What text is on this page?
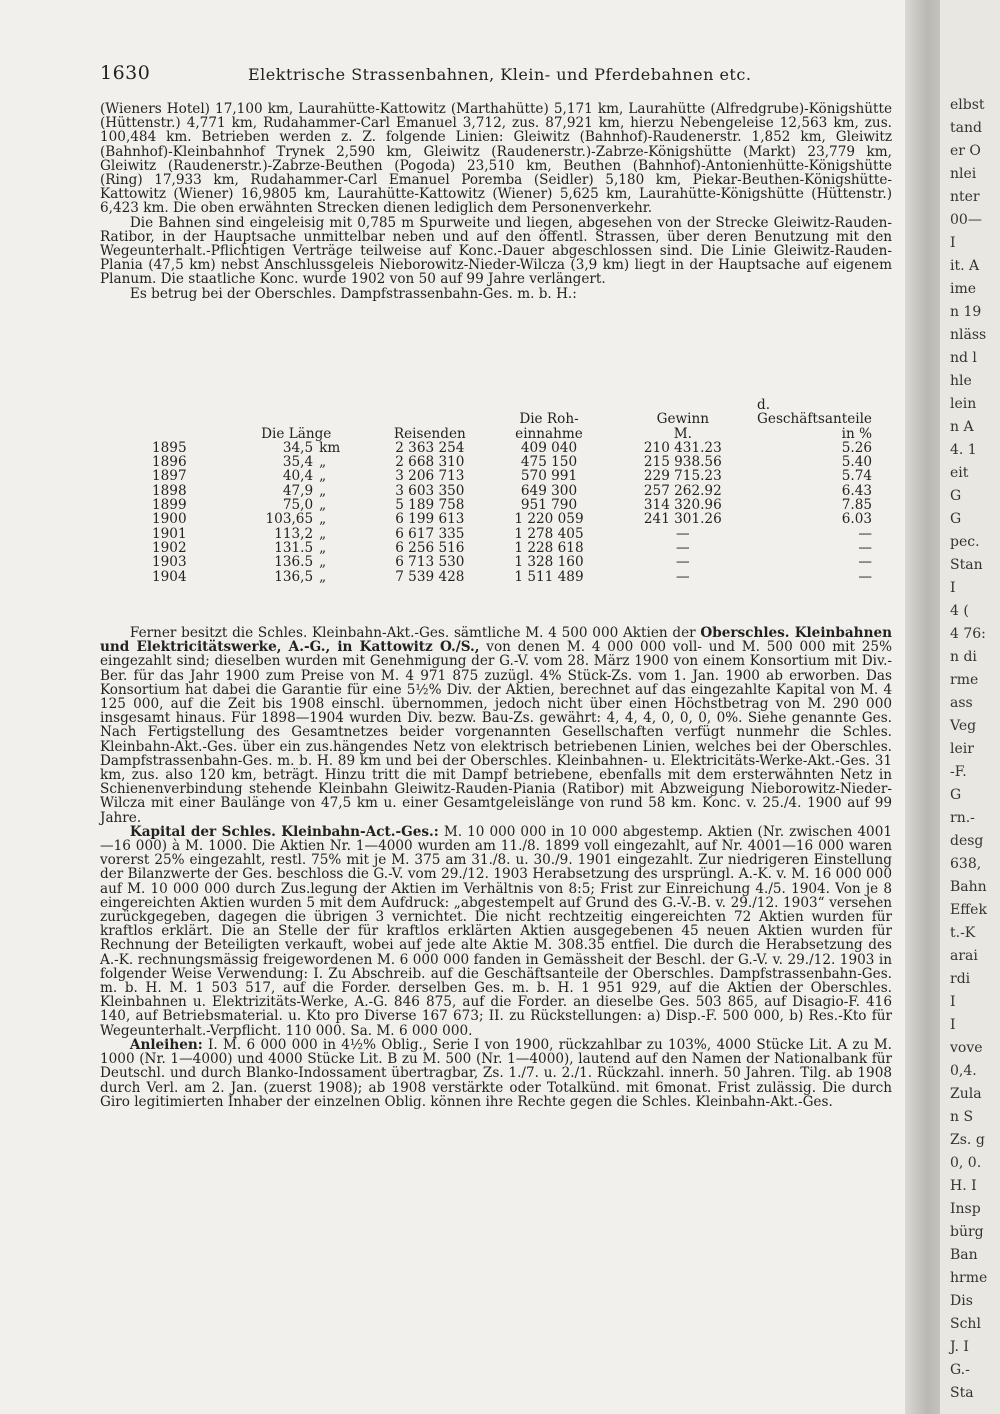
elbst
tand
er O
nlei
nter
00—
I
it. A
ime
n 19
nläss
nd l
hle
lein
n A
4. 1
eit
G
G
pec.
Stan
I
4 (
4 76:
n di
rme
ass
Veg
leir
-F.
G
rn.-
desg
638,
Bahn
Effek
t.-K
arai
rdi
I
I
vove
0,4.
Zula
n S
Zs. g
0, 0.
H. I
Insp
bürg
Ban
hrme
Dis
Schl
J. I
G.-
Sta
1630	Elektrische Strassenbahnen, Klein- und Pferdebahnen etc.

(Wieners Hotel) 17,100 km, Laurahütte-Kattowitz (Marthahütte) 5,171 km, Laurahütte (Alfredgrube)-Königshütte (Hüttenstr.) 4,771 km, Rudahammer-Carl Emanuel 3,712, zus. 87,921 km, hierzu Nebengeleise 12,563 km, zus. 100,484 km. Betrieben werden z. Z. folgende Linien: Gleiwitz (Bahnhof)-Raudenerstr. 1,852 km, Gleiwitz (Bahnhof)-Kleinbahnhof Trynek 2,590 km, Gleiwitz (Raudenerstr.)-Zabrze-Königshütte (Markt) 23,779 km, Gleiwitz (Raudenerstr.)-Zabrze-Beuthen (Pogoda) 23,510 km, Beuthen (Bahnhof)-Antonienhütte-Königshütte (Ring) 17,933 km, Rudahammer-Carl Emanuel Poremba (Seidler) 5,180 km, Piekar-Beuthen-Königshütte-Kattowitz (Wiener) 16,9805 km, Laurahütte-Kattowitz (Wiener) 5,625 km, Laurahütte-Königshütte (Hüttenstr.) 6,423 km. Die oben erwähnten Strecken dienen lediglich dem Personenverkehr.

Die Bahnen sind eingeleisig mit 0,785 m Spurweite und liegen, abgesehen von der Strecke Gleiwitz-Rauden-Ratibor, in der Hauptsache unmittelbar neben und auf den öffentl. Strassen, über deren Benutzung mit den Wegeunterhalt.-Pflichtigen Verträge teilweise auf Konc.-Dauer abgeschlossen sind. Die Linie Gleiwitz-Rauden-Plania (47,5 km) nebst Anschlussgeleis Nieborowitz-Nieder-Wilcza (3,9 km) liegt in der Hauptsache auf eigenem Planum. Die staatliche Konc. wurde 1902 von 50 auf 99 Jahre verlängert.

Es betrug bei der Oberschles. Dampfstrassenbahn-Ges. m. b. H.:

			Die Roh-	Gewinn	d. Geschäftsanteile
	Die Länge	Reisenden	einnahme	M.	in %
1895	34,5 km	2 363 254	409 040	210 431.23	5.26
1896	35,4 „	2 668 310	475 150	215 938.56	5.40
1897	40,4 „	3 206 713	570 991	229 715.23	5.74
1898	47,9 „	3 603 350	649 300	257 262.92	6.43
1899	75,0 „	5 189 758	951 790	314 320.96	7.85
1900	103,65 „	6 199 613	1 220 059	241 301.26	6.03
1901	113,2 „	6 617 335	1 278 405	—	—
1902	131.5 „	6 256 516	1 228 618	—	—
1903	136.5 „	6 713 530	1 328 160	—	—
1904	136,5 „	7 539 428	1 511 489	—	—

Ferner besitzt die Schles. Kleinbahn-Akt.-Ges. sämtliche M. 4 500 000 Aktien der Oberschles. Kleinbahnen und Elektricitätswerke, A.-G., in Kattowitz O./S., von denen M. 4 000 000 voll- und M. 500 000 mit 25% eingezahlt sind; dieselben wurden mit Genehmigung der G.-V. vom 28. März 1900 von einem Konsortium mit Div.-Ber. für das Jahr 1900 zum Preise von M. 4 971 875 zuzügl. 4% Stück-Zs. vom 1. Jan. 1900 ab erworben. Das Konsortium hat dabei die Garantie für eine 5½% Div. der Aktien, berechnet auf das eingezahlte Kapital von M. 4 125 000, auf die Zeit bis 1908 einschl. übernommen, jedoch nicht über einen Höchstbetrag von M. 290 000 insgesamt hinaus. Für 1898—1904 wurden Div. bezw. Bau-Zs. gewährt: 4, 4, 4, 0, 0, 0, 0%. Siehe genannte Ges. Nach Fertigstellung des Gesamtnetzes beider vorgenannten Gesellschaften verfügt nunmehr die Schles. Kleinbahn-Akt.-Ges. über ein zus.hängendes Netz von elektrisch betriebenen Linien, welches bei der Oberschles. Dampfstrassenbahn-Ges. m. b. H. 89 km und bei der Oberschles. Kleinbahnen- u. Elektricitäts-Werke-Akt.-Ges. 31 km, zus. also 120 km, beträgt. Hinzu tritt die mit Dampf betriebene, ebenfalls mit dem ersterwähnten Netz in Schienenverbindung stehende Kleinbahn Gleiwitz-Rauden-Piania (Ratibor) mit Abzweigung Nieborowitz-Nieder-Wilcza mit einer Baulänge von 47,5 km u. einer Gesamtgeleislänge von rund 58 km. Konc. v. 25./4. 1900 auf 99 Jahre.

Kapital der Schles. Kleinbahn-Act.-Ges.: M. 10 000 000 in 10 000 abgestemp. Aktien (Nr. zwischen 4001—16 000) à M. 1000. Die Aktien Nr. 1—4000 wurden am 11./8. 1899 voll eingezahlt, auf Nr. 4001—16 000 waren vorerst 25% eingezahlt, restl. 75% mit je M. 375 am 31./8. u. 30./9. 1901 eingezahlt. Zur niedrigeren Einstellung der Bilanzwerte der Ges. beschloss die G.-V. vom 29./12. 1903 Herabsetzung des ursprüngl. A.-K. v. M. 16 000 000 auf M. 10 000 000 durch Zus.legung der Aktien im Verhältnis von 8:5; Frist zur Einreichung 4./5. 1904. Von je 8 eingereichten Aktien wurden 5 mit dem Aufdruck: „abgestempelt auf Grund des G.-V.-B. v. 29./12. 1903“ versehen zurückgegeben, dagegen die übrigen 3 vernichtet. Die nicht rechtzeitig eingereichten 72 Aktien wurden für kraftlos erklärt. Die an Stelle der für kraftlos erklärten Aktien ausgegebenen 45 neuen Aktien wurden für Rechnung der Beteiligten verkauft, wobei auf jede alte Aktie M. 308.35 entfiel. Die durch die Herabsetzung des A.-K. rechnungsmässig freigewordenen M. 6 000 000 fanden in Gemässheit der Beschl. der G.-V. v. 29./12. 1903 in folgender Weise Verwendung: I. Zu Abschreib. auf die Geschäftsanteile der Oberschles. Dampfstrassenbahn-Ges. m. b. H. M. 1 503 517, auf die Forder. derselben Ges. m. b. H. 1 951 929, auf die Aktien der Oberschles. Kleinbahnen u. Elektrizitäts-Werke, A.-G. 846 875, auf die Forder. an dieselbe Ges. 503 865, auf Disagio-F. 416 140, auf Betriebsmaterial. u. Kto pro Diverse 167 673; II. zu Rückstellungen: a) Disp.-F. 500 000, b) Res.-Kto für Wegeunterhalt.-Verpflicht. 110 000. Sa. M. 6 000 000.

Anleihen: I. M. 6 000 000 in 4½% Oblig., Serie I von 1900, rückzahlbar zu 103%, 4000 Stücke Lit. A zu M. 1000 (Nr. 1—4000) und 4000 Stücke Lit. B zu M. 500 (Nr. 1—4000), lautend auf den Namen der Nationalbank für Deutschl. und durch Blanko-Indossament übertragbar, Zs. 1./7. u. 2./1. Rückzahl. innerh. 50 Jahren. Tilg. ab 1908 durch Verl. am 2. Jan. (zuerst 1908); ab 1908 verstärkte oder Totalkünd. mit 6monat. Frist zulässig. Die durch Giro legitimierten Inhaber der einzelnen Oblig. können ihre Rechte gegen die Schles. Kleinbahn-Akt.-Ges.
